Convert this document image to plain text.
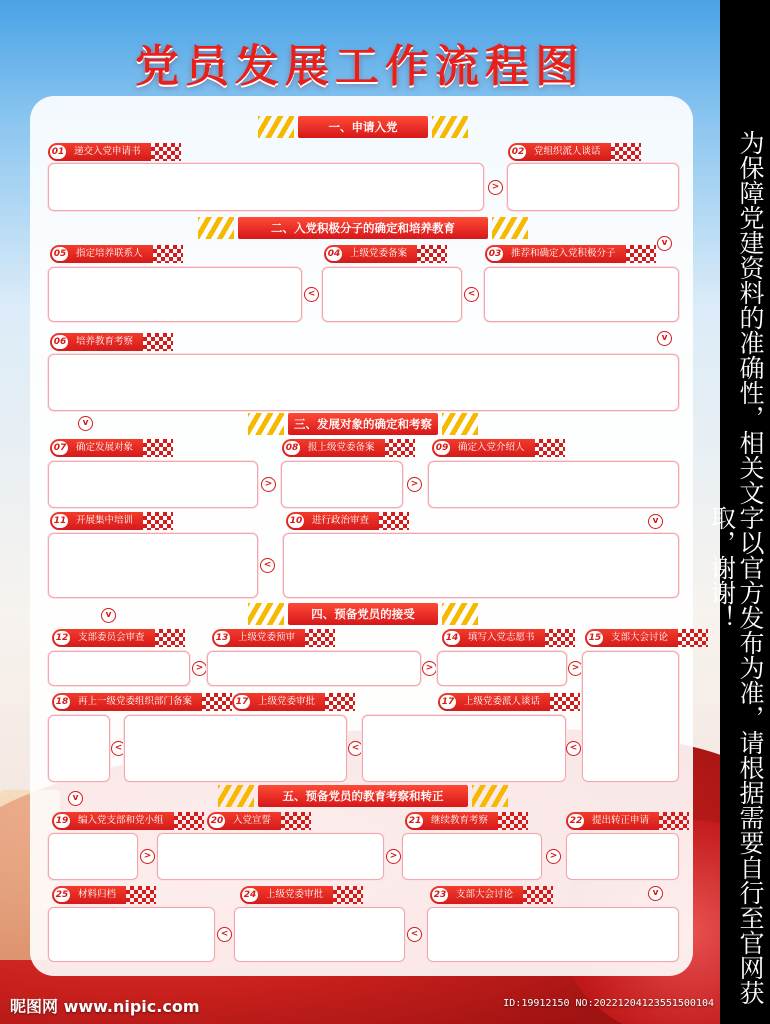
党员发展工作流程图
一、申请入党
二、入党积极分子的确定和培养教育
三、发展对象的确定和考察
四、预备党员的接受
五、预备党员的教育考察和转正
01 递交入党申请书
>
02 党组织派人谈话
v
05 指定培养联系人
<
04 上级党委备案
<
03 推荐和确定入党积极分子
06 培养教育考察	v
v
07 确定发展对象
>
08 报上级党委备案
>
09 确定入党介绍人
11 开展集中培训
<
10 进行政治审查	v
v
12 支部委员会审查
>
13 上级党委预审
>
14 填写入党志愿书
>
15 支部大会讨论
18 再上一级党委组织部门备案
<
17 上级党委审批
<
17 上级党委派人谈话
<
v
19 编入党支部和党小组
>
20 入党宣誓
>
21 继续教育考察
>
22 提出转正申请
v
25 材料归档
<
24 上级党委审批
<
23 支部大会讨论
昵图网 www.nipic.com	ID:19912150 NO:20221204123551500104 为保障党建资料的准确性，相关文字以官方发布为准，请根据需要自行至官网获取，谢谢！
